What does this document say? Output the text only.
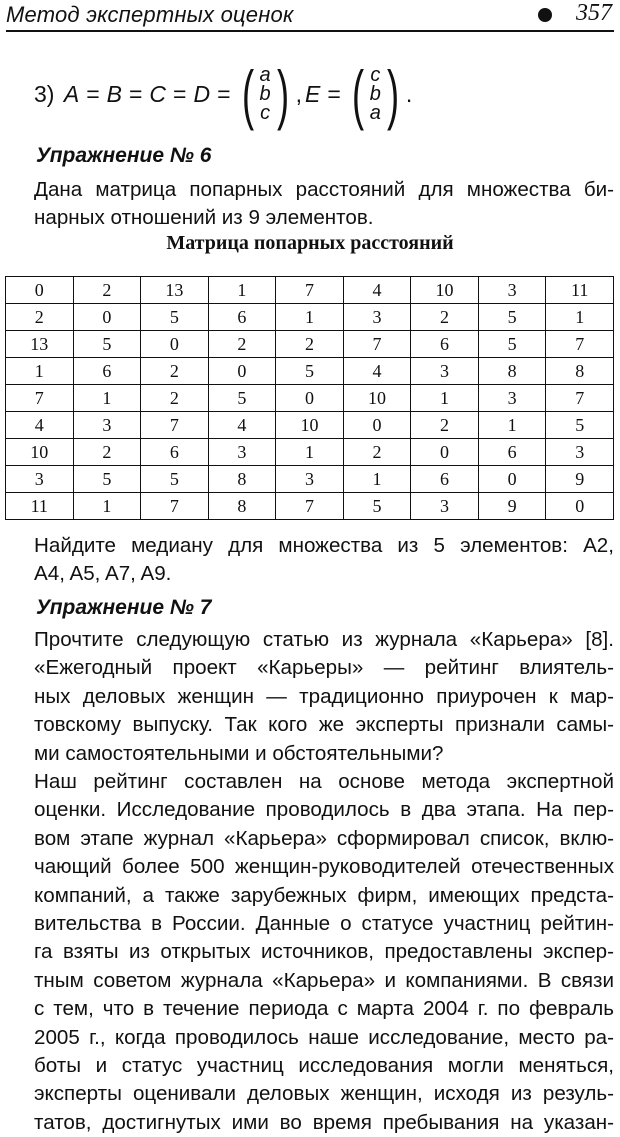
Метод экспертных оценок	357
3)
A = B = C = D = ( a
b
c ) , E = ( c
b
a ) .
Упражнение № 6
Дана матрица попарных расстояний для множества би-
нарных отношений из 9 элементов.
Матрица попарных расстояний
0	2	13	1	7	4	10	3	11
2	0	5	6	1	3	2	5	1
13	5	0	2	2	7	6	5	7
1	6	2	0	5	4	3	8	8
7	1	2	5	0	10	1	3	7
4	3	7	4	10	0	2	1	5
10	2	6	3	1	2	0	6	3
3	5	5	8	3	1	6	0	9
11	1	7	8	7	5	3	9	0
Найдите медиану для множества из 5 элементов: A2,
A4, A5, A7, A9.
Упражнение № 7
Прочтите следующую статью из журнала «Карьера» [8].
«Ежегодный проект «Карьеры» — рейтинг влиятель-
ных деловых женщин — традиционно приурочен к мар-
товскому выпуску. Так кого же эксперты признали самы-
ми самостоятельными и обстоятельными?
Наш рейтинг составлен на основе метода экспертной
оценки. Исследование проводилось в два этапа. На пер-
вом этапе журнал «Карьера» сформировал список, вклю-
чающий более 500 женщин-руководителей отечественных
компаний, а также зарубежных фирм, имеющих предста-
вительства в России. Данные о статусе участниц рейтин-
га взяты из открытых источников, предоставлены экспер-
тным советом журнала «Карьера» и компаниями. В связи
с тем, что в течение периода с марта 2004 г. по февраль
2005 г., когда проводилось наше исследование, место ра-
боты и статус участниц исследования могли меняться,
эксперты оценивали деловых женщин, исходя из резуль-
татов, достигнутых ими во время пребывания на указан-
